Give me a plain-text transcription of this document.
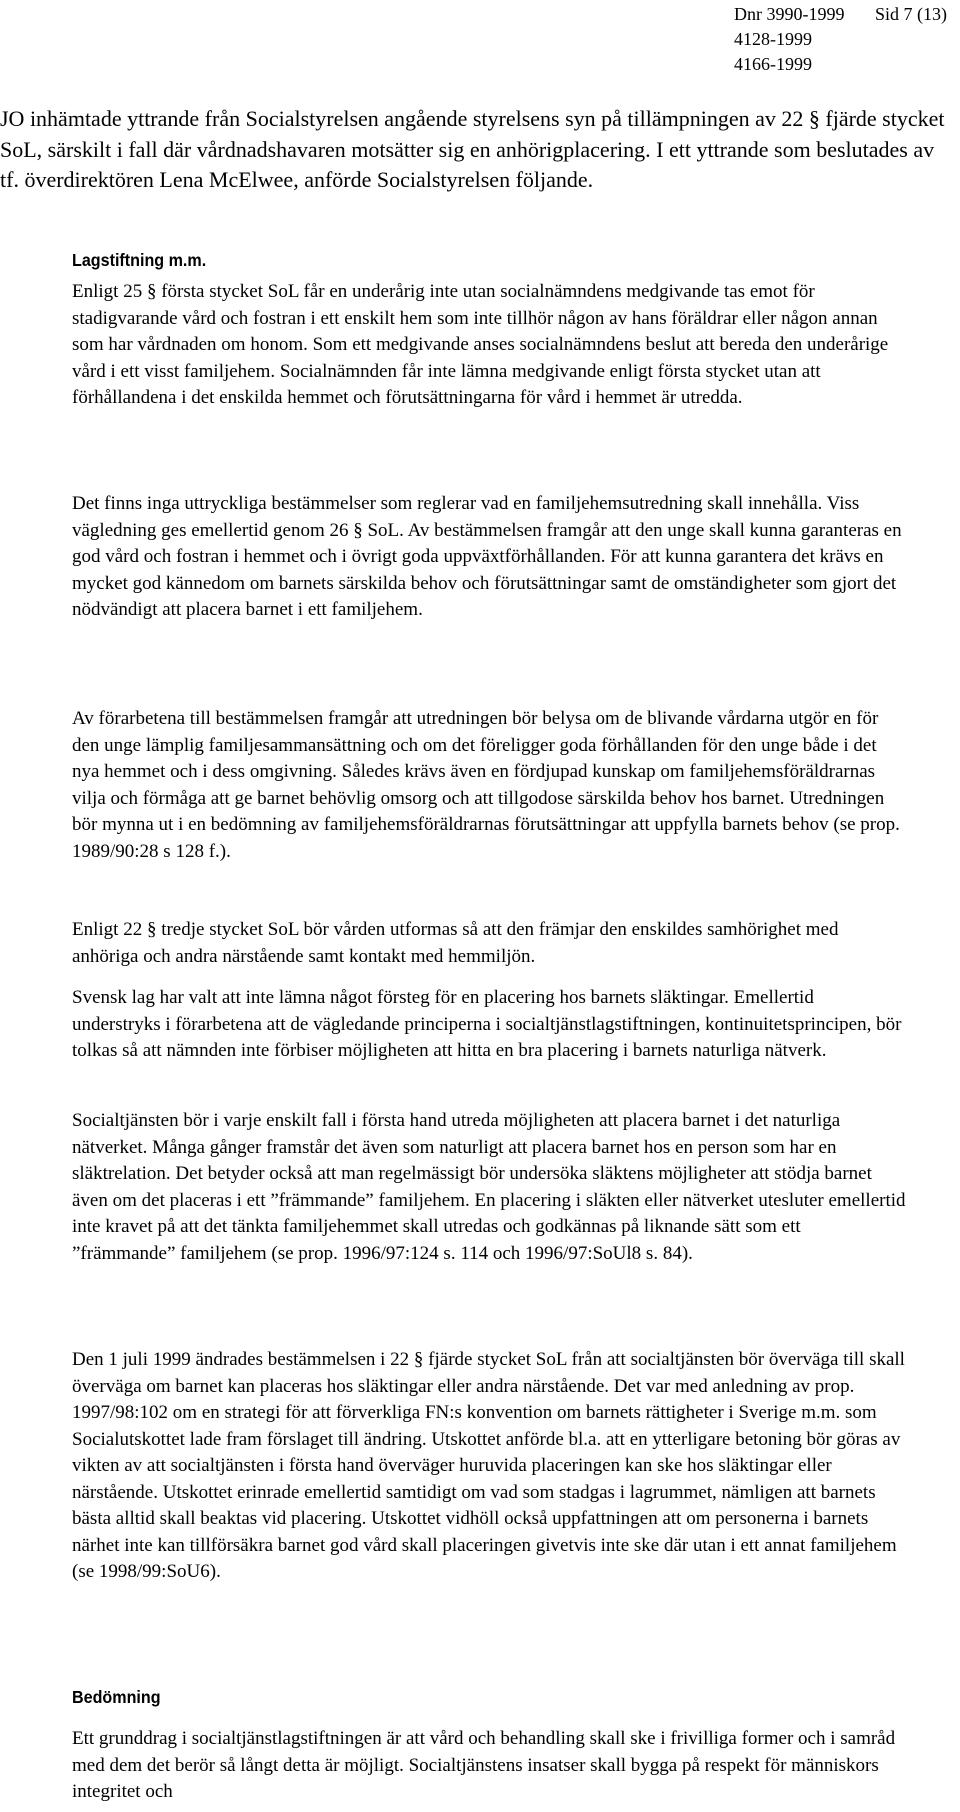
Dnr 3990-1999
4128-1999
4166-1999
Sid 7 (13)

JO inhämtade yttrande från Socialstyrelsen angående styrelsens syn på tillämpningen av 22 § fjärde stycket SoL, särskilt i fall där vårdnadshavaren motsätter sig en anhörigplacering. I ett yttrande som beslutades av tf. överdirektören Lena McElwee, anförde Socialstyrelsen följande.

Lagstiftning m.m.
Enligt 25 § första stycket SoL får en underårig inte utan socialnämndens medgivande tas emot för stadigvarande vård och fostran i ett enskilt hem som inte tillhör någon av hans föräldrar eller någon annan som har vårdnaden om honom. Som ett medgivande anses socialnämndens beslut att bereda den underårige vård i ett visst familjehem. Socialnämnden får inte lämna medgivande enligt första stycket utan att förhållandena i det enskilda hemmet och förutsättningarna för vård i hemmet är utredda.
Det finns inga uttryckliga bestämmelser som reglerar vad en familjehemsutredning skall innehålla. Viss vägledning ges emellertid genom 26 § SoL. Av bestämmelsen framgår att den unge skall kunna garanteras en god vård och fostran i hemmet och i övrigt goda uppväxtförhållanden. För att kunna garantera det krävs en mycket god kännedom om barnets särskilda behov och förutsättningar samt de omständigheter som gjort det nödvändigt att placera barnet i ett familjehem.
Av förarbetena till bestämmelsen framgår att utredningen bör belysa om de blivande vårdarna utgör en för den unge lämplig familjesammansättning och om det föreligger goda förhållanden för den unge både i det nya hemmet och i dess omgivning. Således krävs även en fördjupad kunskap om familjehemsföräldrarnas vilja och förmåga att ge barnet behövlig omsorg och att tillgodose särskilda behov hos barnet. Utredningen bör mynna ut i en bedömning av familjehemsföräldrarnas förutsättningar att uppfylla barnets behov (se prop. 1989/90:28 s 128 f.).
Enligt 22 § tredje stycket SoL bör vården utformas så att den främjar den enskildes samhörighet med anhöriga och andra närstående samt kontakt med hemmiljön.
Svensk lag har valt att inte lämna något försteg för en placering hos barnets släktingar. Emellertid understryks i förarbetena att de vägledande principerna i socialtjänstlagstiftningen, kontinuitetsprincipen, bör tolkas så att nämnden inte förbiser möjligheten att hitta en bra placering i barnets naturliga nätverk.
Socialtjänsten bör i varje enskilt fall i första hand utreda möjligheten att placera barnet i det naturliga nätverket. Många gånger framstår det även som naturligt att placera barnet hos en person som har en släktrelation. Det betyder också att man regelmässigt bör undersöka släktens möjligheter att stödja barnet även om det placeras i ett ”främmande” familjehem. En placering i släkten eller nätverket utesluter emellertid inte kravet på att det tänkta familjehemmet skall utredas och godkännas på liknande sätt som ett ”främmande” familjehem (se prop. 1996/97:124 s. 114 och 1996/97:SoUl8 s. 84).
Den 1 juli 1999 ändrades bestämmelsen i 22 § fjärde stycket SoL från att socialtjänsten bör överväga till skall överväga om barnet kan placeras hos släktingar eller andra närstående. Det var med anledning av prop. 1997/98:102 om en strategi för att förverkliga FN:s konvention om barnets rättigheter i Sverige m.m. som Socialutskottet lade fram förslaget till ändring. Utskottet anförde bl.a. att en ytterligare betoning bör göras av vikten av att socialtjänsten i första hand överväger huruvida placeringen kan ske hos släktingar eller närstående. Utskottet erinrade emellertid samtidigt om vad som stadgas i lagrummet, nämligen att barnets bästa alltid skall beaktas vid placering. Utskottet vidhöll också uppfattningen att om personerna i barnets närhet inte kan tillförsäkra barnet god vård skall placeringen givetvis inte ske där utan i ett annat familjehem (se 1998/99:SoU6).
Bedömning
Ett grunddrag i socialtjänstlagstiftningen är att vård och behandling skall ske i frivilliga former och i samråd med dem det berör så långt detta är möjligt. Socialtjänstens insatser skall bygga på respekt för människors integritet och
